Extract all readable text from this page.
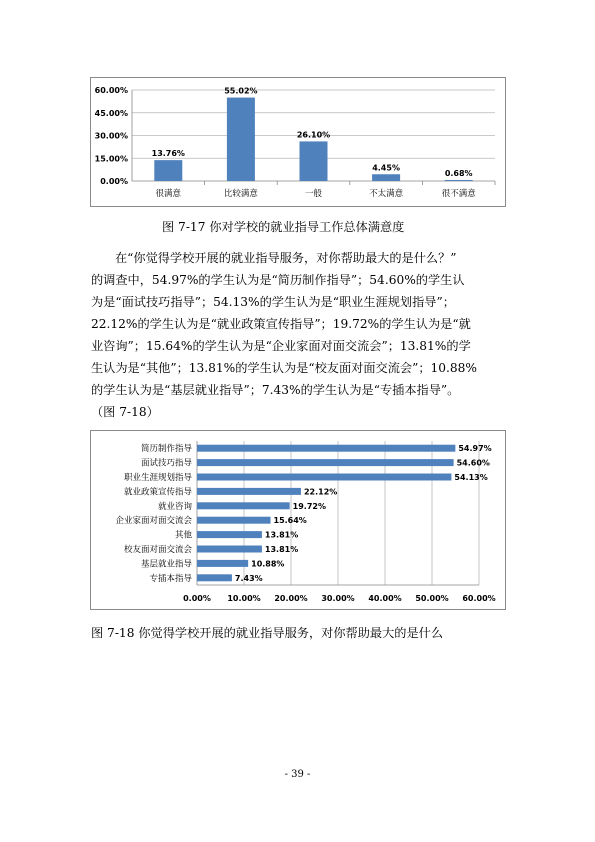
0.00%
15.00%
30.00%
45.00%
60.00%
13.76%
很满意
55.02%
比较满意
26.10%
一般
4.45%
不太满意
0.68%
很不满意
图 7-17 你对学校的就业指导工作总体满意度
在“你觉得学校开展的就业指导服务，对你帮助最大的是什么？”
的调查中，54.97%的学生认为是“简历制作指导”；54.60%的学生认
为是“面试技巧指导”；54.13%的学生认为是“职业生涯规划指导”；
22.12%的学生认为是“就业政策宣传指导”；19.72%的学生认为是“就
业咨询”；15.64%的学生认为是“企业家面对面交流会”；13.81%的学
生认为是“其他”；13.81%的学生认为是“校友面对面交流会”；10.88%
的学生认为是“基层就业指导”；7.43%的学生认为是“专插本指导”。
（图 7-18）
0.00% 10.00% 20.00% 30.00% 40.00% 50.00% 60.00%
54.97%
简历制作指导
54.60%
面试技巧指导
54.13%
职业生涯规划指导
22.12%
就业政策宣传指导
19.72%
就业咨询
15.64%
企业家面对面交流会
13.81%
其他
13.81%
校友面对面交流会
10.88%
基层就业指导
7.43%
专插本指导
图 7-18 你觉得学校开展的就业指导服务，对你帮助最大的是什么
- 39 -
